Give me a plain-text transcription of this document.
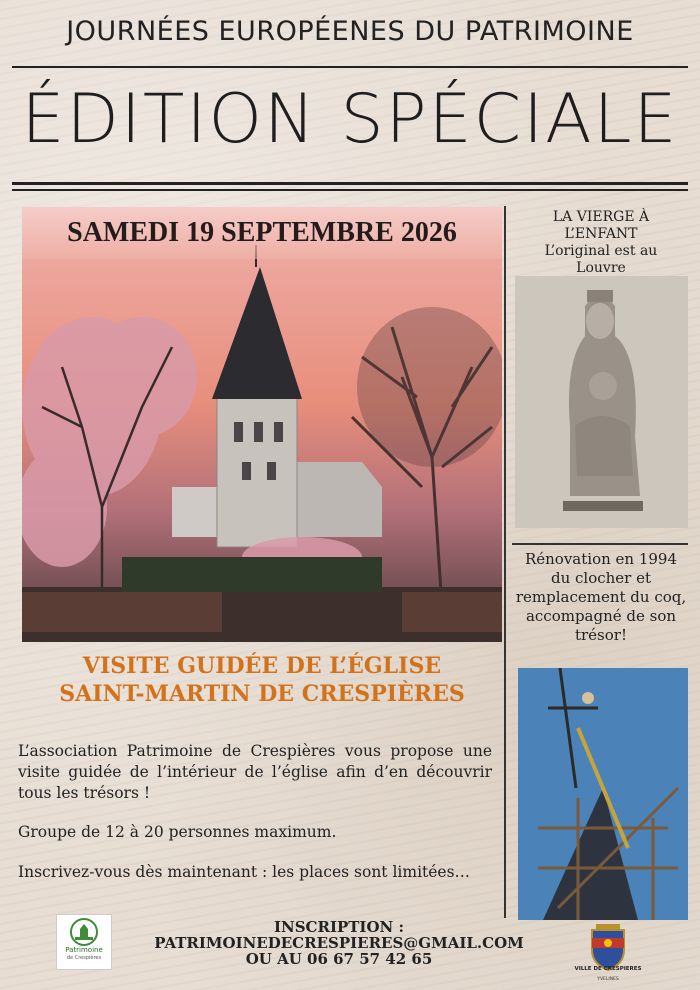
JOURNÉES EUROPÉENES DU PATRIMOINE
ÉDITION SPÉCIALE
SAMEDI 19 SEPTEMBRE 2026
VISITE GUIDÉE DE L’ÉGLISE
SAINT-MARTIN DE CRESPIÈRES
L’association Patrimoine de Crespières vous propose une visite guidée de l’intérieur de l’église afin d’en découvrir tous les trésors !
Groupe de 12 à 20 personnes maximum.
Inscrivez-vous dès maintenant : les places sont limitées…
INSCRIPTION :
PATRIMOINEDECRESPIERES@GMAIL.COM
OU AU 06 67 57 42 65
Patrimoine
de Crespières
VILLE DE CRESPIERES
YVELINES
LA VIERGE À
L’ENFANT
L’original est au
Louvre
Rénovation en 1994 du clocher et remplacement du coq, accompagné de son trésor!
